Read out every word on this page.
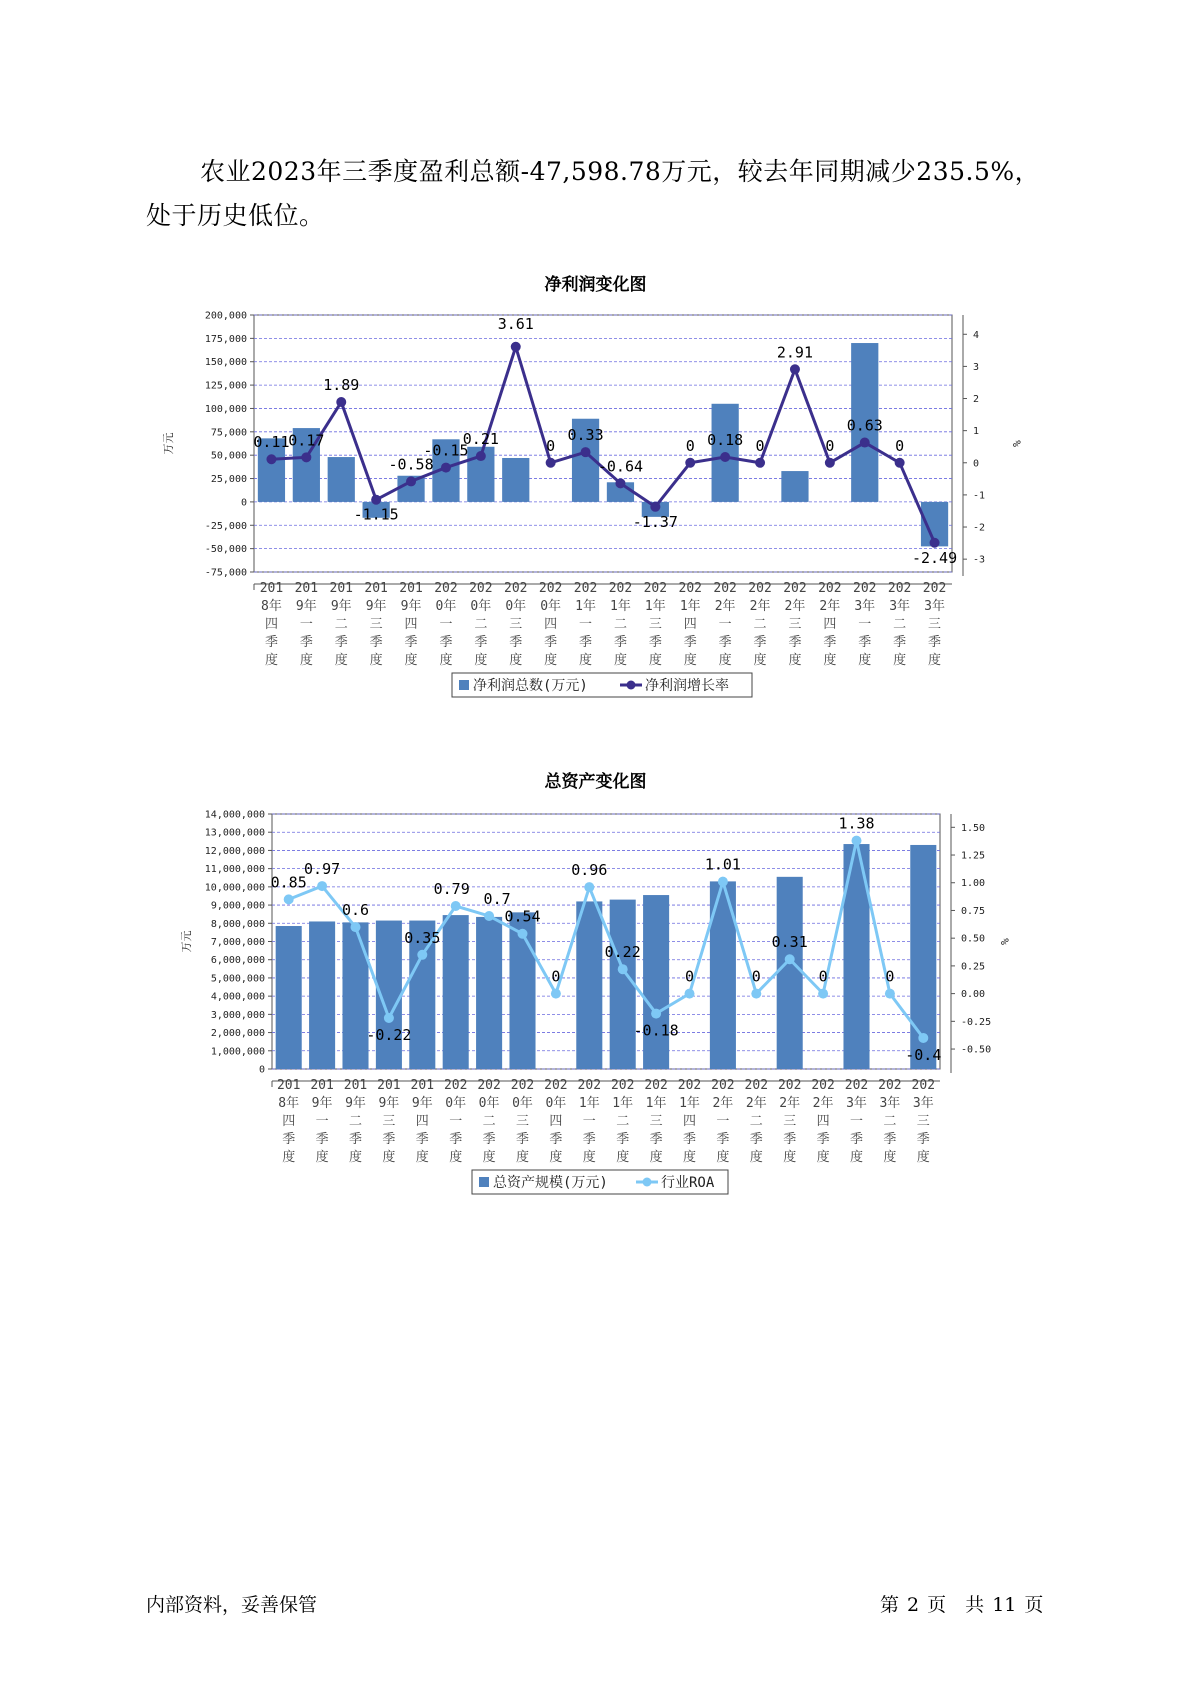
农业2023年三季度盈利总额-47,598.78万元，较去年同期减少235.5%，
处于历史低位。
净利润变化图
200,000
175,000
150,000
125,000
100,000
75,000
50,000
25,000
0
-25,000
-50,000
-75,000
4
3
2
1
0
-1
-2
-3
万元	%
0.11
0.17
1.89
-1.15
-0.58
-0.15
0.21
3.61
0
0.33
-0.64
-1.37
0 0.18 0
2.91
0
0.63
0
-2.49
201 8年四季度
201 9年一季度
201 9年二季度
201 9年三季度
201 9年四季度
202 0年一季度
202 0年二季度
202 0年三季度
202 0年四季度
202 1年一季度
202 1年二季度
202 1年三季度
202 1年四季度
202 2年一季度
202 2年二季度
202 2年三季度
202 2年四季度
202 3年一季度
202 3年二季度
202 3年三季度
净利润总数(万元)	净利润增长率
总资产变化图
14,000,000
13,000,000
12,000,000
11,000,000
10,000,000
9,000,000
8,000,000
7,000,000
6,000,000
5,000,000
4,000,000
3,000,000
2,000,000
1,000,000
0
1.50
1.25
1.00
0.75
0.50
0.25
0.00
-0.25
-0.50
万元	%
0.85
0.97
0.6
-0.22
0.35
0.79
0.7
0.54
0
0.96
0.22
-0.18
0
1.01
0
0.31
0
1.38
0
-0.4
201 8年四季度
201 9年一季度
201 9年二季度
201 9年三季度
201 9年四季度
202 0年一季度
202 0年二季度
202 0年三季度
202 0年四季度
202 1年一季度
202 1年二季度
202 1年三季度
202 1年四季度
202 2年一季度
202 2年二季度
202 2年三季度
202 2年四季度
202 3年一季度
202 3年二季度
202 3年三季度
总资产规模(万元)	行业ROA
内部资料，妥善保管	第 2 页　共 11 页
